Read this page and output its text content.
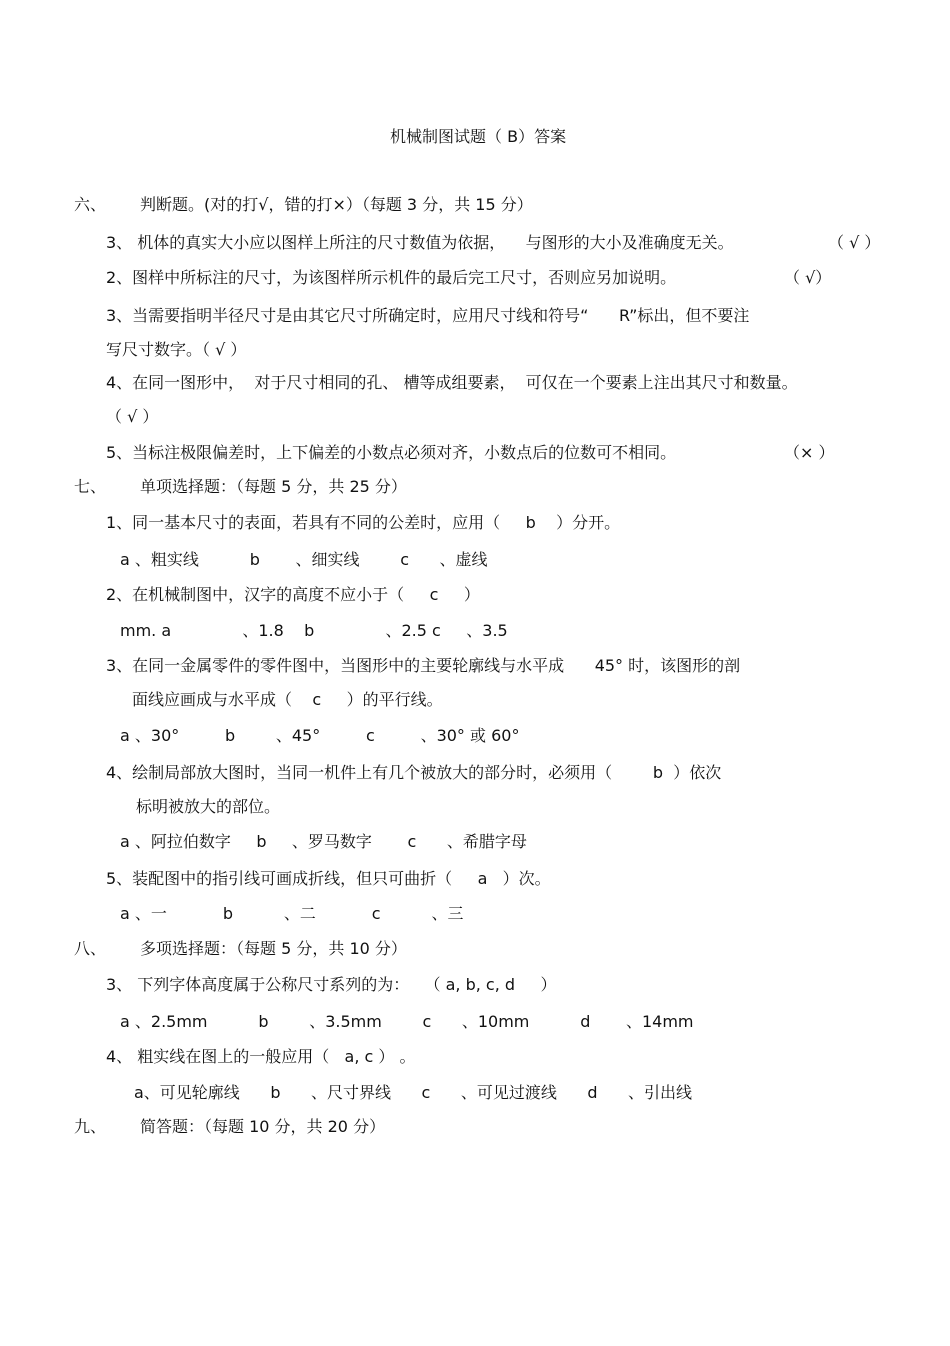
机械制图试题（ B）答案
六、 判断题。(对的打√，错的打×）（每题 3 分，共 15 分）
3、 机体的真实大小应以图样上所注的尺寸数值为依据，    与图形的大小及准确度无关。	（ √ ）
2、图样中所标注的尺寸，为该图样所示机件的最后完工尺寸，否则应另加说明。	（ √）
3、当需要指明半径尺寸是由其它尺寸所确定时，应用尺寸线和符号“      R”标出，但不要注
写尺寸数字。（ √ ）
4、在同一图形中，  对于尺寸相同的孔、 槽等成组要素，  可仅在一个要素上注出其尺寸和数量。
（ √ ）
5、当标注极限偏差时，上下偏差的小数点必须对齐，小数点后的位数可不相同。	（× ）
七、 单项选择题：（每题 5 分，共 25 分）
1、同一基本尺寸的表面，若具有不同的公差时，应用（     b    ）分开。
a 、粗实线          b       、细实线        c      、虚线
2、在机械制图中，汉字的高度不应小于（     c     ）
mm. a              、1.8    b              、2.5 c     、3.5
3、在同一金属零件的零件图中，当图形中的主要轮廓线与水平成      45° 时，该图形的剖
面线应画成与水平成（    c     ）的平行线。
a 、30°         b        、45°         c         、30° 或 60°
4、绘制局部放大图时，当同一机件上有几个被放大的部分时，必须用（        b  ）依次
标明被放大的部位。
a 、阿拉伯数字     b     、罗马数字       c      、希腊字母
5、装配图中的指引线可画成折线，但只可曲折（     a   ）次。
a 、一           b          、二           c          、三
八、 多项选择题：（每题 5 分，共 10 分）
3、 下列字体高度属于公称尺寸系列的为：   （ a, b, c, d     ）
a 、2.5mm          b        、3.5mm        c      、10mm          d       、14mm
4、 粗实线在图上的一般应用（   a, c ） 。
a、可见轮廓线      b      、尺寸界线      c      、可见过渡线      d      、引出线
九、 简答题：（每题 10 分，共 20 分）
